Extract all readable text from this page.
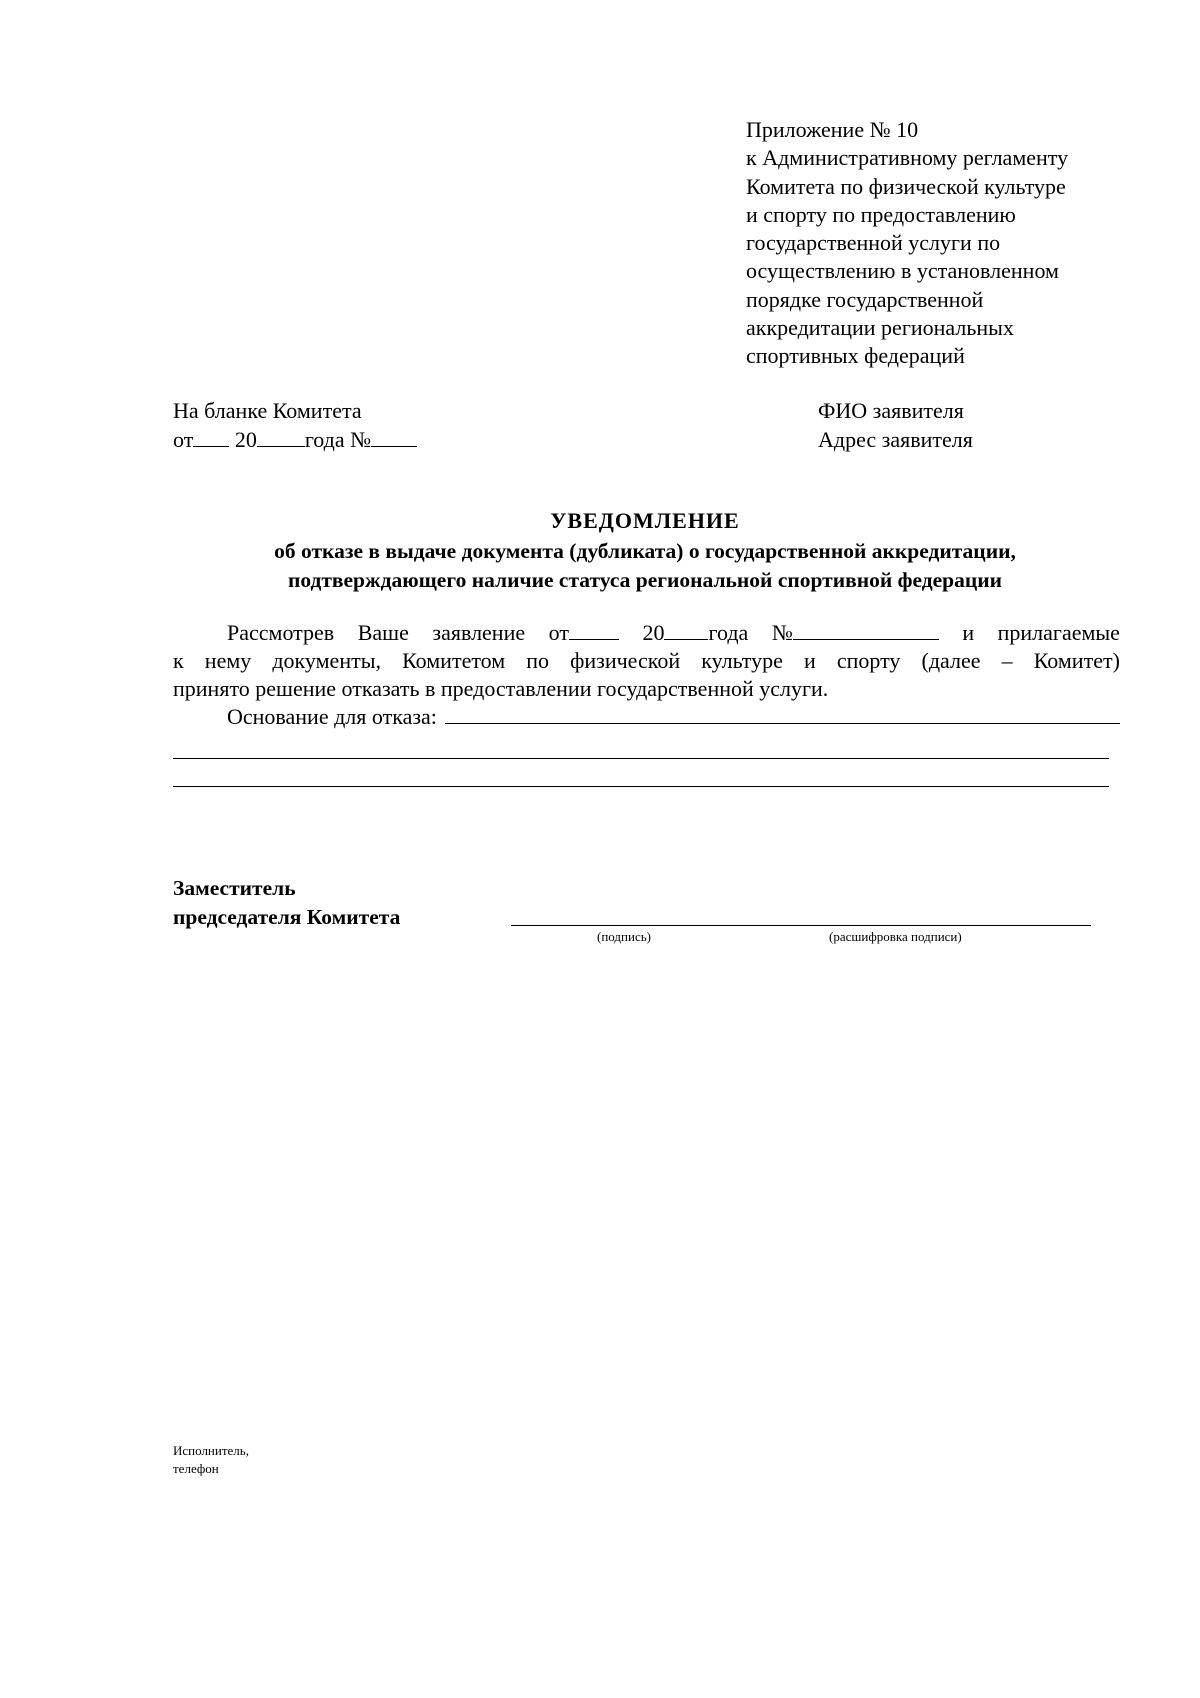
Приложение № 10
к Административному регламенту
Комитета по физической культуре
и спорту по предоставлению
государственной услуги по
осуществлению в установленном
порядке государственной
аккредитации региональных
спортивных федераций
На бланке Комитета
от 20 года №
ФИО заявителя
Адрес заявителя
УВЕДОМЛЕНИЕ
об отказе в выдаче документа (дубликата) о государственной аккредитации,
подтверждающего наличие статуса региональной спортивной федерации
Рассмотрев Ваше заявление от	20 года №	и прилагаемые
к нему документы, Комитетом по физической культуре и спорту (далее – Комитет)
принято решение отказать в предоставлении государственной услуги.
Основание для отказа:
Заместитель
председателя Комитета
(подпись)	(расшифровка подписи)
Исполнитель,
телефон
